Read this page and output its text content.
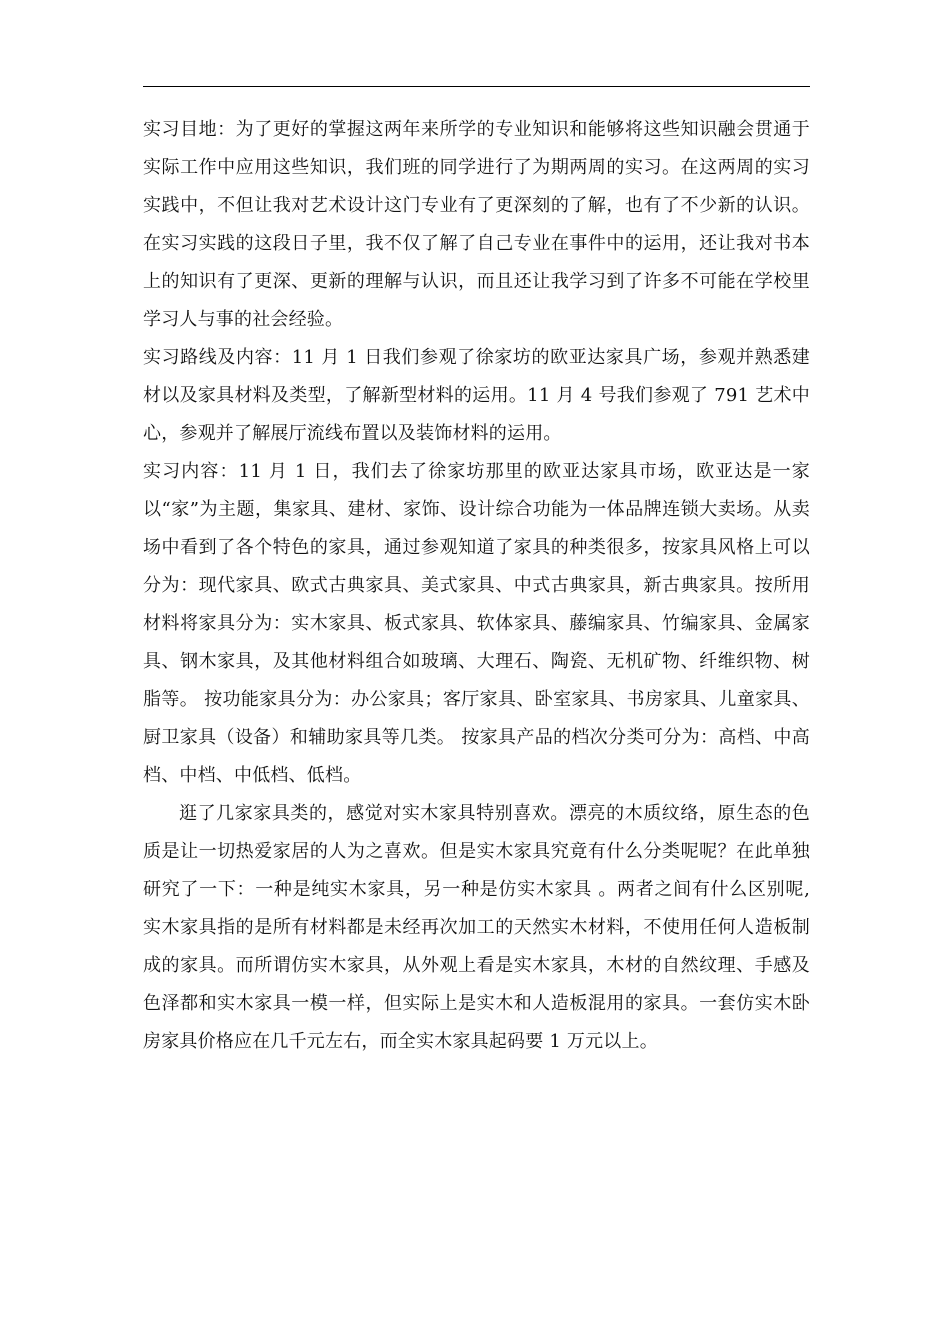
实习目地：为了更好的掌握这两年来所学的专业知识和能够将这些知识融会贯通于实际工作中应用这些知识，我们班的同学进行了为期两周的实习。在这两周的实习实践中，不但让我对艺术设计这门专业有了更深刻的了解，也有了不少新的认识。在实习实践的这段日子里，我不仅了解了自己专业在事件中的运用，还让我对书本上的知识有了更深、更新的理解与认识，而且还让我学习到了许多不可能在学校里学习人与事的社会经验。

实习路线及内容：11 月 1 日我们参观了徐家坊的欧亚达家具广场，参观并熟悉建材以及家具材料及类型，了解新型材料的运用。11 月 4 号我们参观了 791 艺术中心，参观并了解展厅流线布置以及装饰材料的运用。

实习内容：11 月 1 日，我们去了徐家坊那里的欧亚达家具市场，欧亚达是一家以“家”为主题，集家具、建材、家饰、设计综合功能为一体品牌连锁大卖场。从卖场中看到了各个特色的家具，通过参观知道了家具的种类很多，按家具风格上可以分为：现代家具、欧式古典家具、美式家具、中式古典家具，新古典家具。按所用材料将家具分为：实木家具、板式家具、软体家具、藤编家具、竹编家具、金属家具、钢木家具，及其他材料组合如玻璃、大理石、陶瓷、无机矿物、纤维织物、树脂等。 按功能家具分为：办公家具；客厅家具、卧室家具、书房家具、儿童家具、厨卫家具（设备）和辅助家具等几类。 按家具产品的档次分类可分为：高档、中高档、中档、中低档、低档。

逛了几家家具类的，感觉对实木家具特别喜欢。漂亮的木质纹络，原生态的色质是让一切热爱家居的人为之喜欢。但是实木家具究竟有什么分类呢呢？在此单独研究了一下：一种是纯实木家具，另一种是仿实木家具 。两者之间有什么区别呢,实木家具指的是所有材料都是未经再次加工的天然实木材料，不使用任何人造板制成的家具。而所谓仿实木家具，从外观上看是实木家具，木材的自然纹理、手感及色泽都和实木家具一模一样，但实际上是实木和人造板混用的家具。一套仿实木卧房家具价格应在几千元左右，而全实木家具起码要 1 万元以上。
